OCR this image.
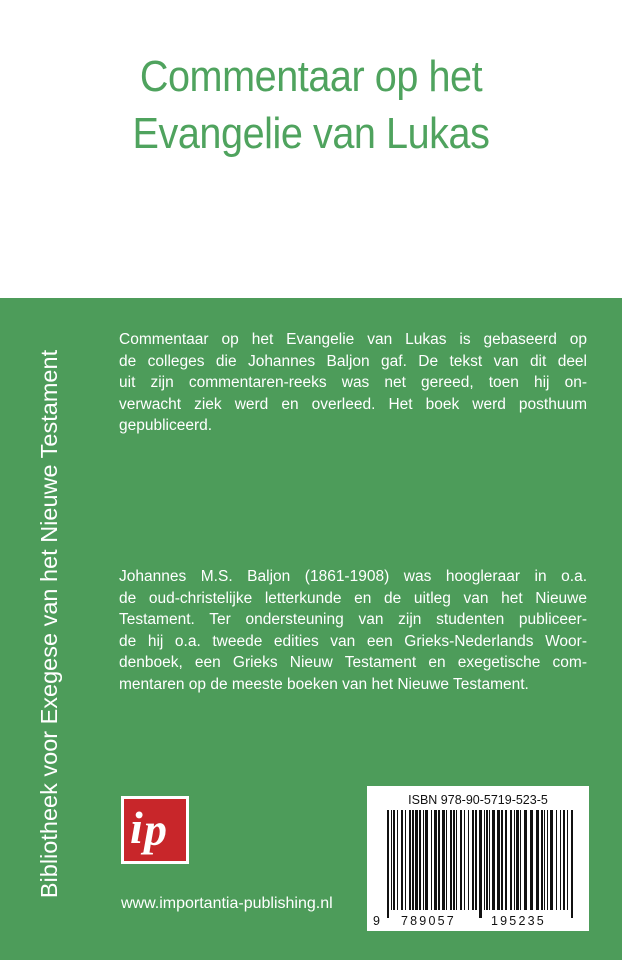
Commentaar op het
Evangelie van Lukas
Bibliotheek voor Exegese van het Nieuwe Testament
Commentaar op het Evangelie van Lukas is gebaseerd op
de colleges die Johannes Baljon gaf. De tekst van dit deel
uit zijn commentaren-reeks was net gereed, toen hij on-
verwacht ziek werd en overleed. Het boek werd posthuum
gepubliceerd.
Johannes M.S. Baljon (1861-1908) was hoogleraar in o.a.
de oud-christelijke letterkunde en de uitleg van het Nieuwe
Testament. Ter ondersteuning van zijn studenten publiceer-
de hij o.a. tweede edities van een Grieks-Nederlands Woor-
denboek, een Grieks Nieuw Testament en exegetische com-
mentaren op de meeste boeken van het Nieuwe Testament.
i p
www.importantia-publishing.nl
ISBN 978-90-5719-523-5
9 789057	195235
